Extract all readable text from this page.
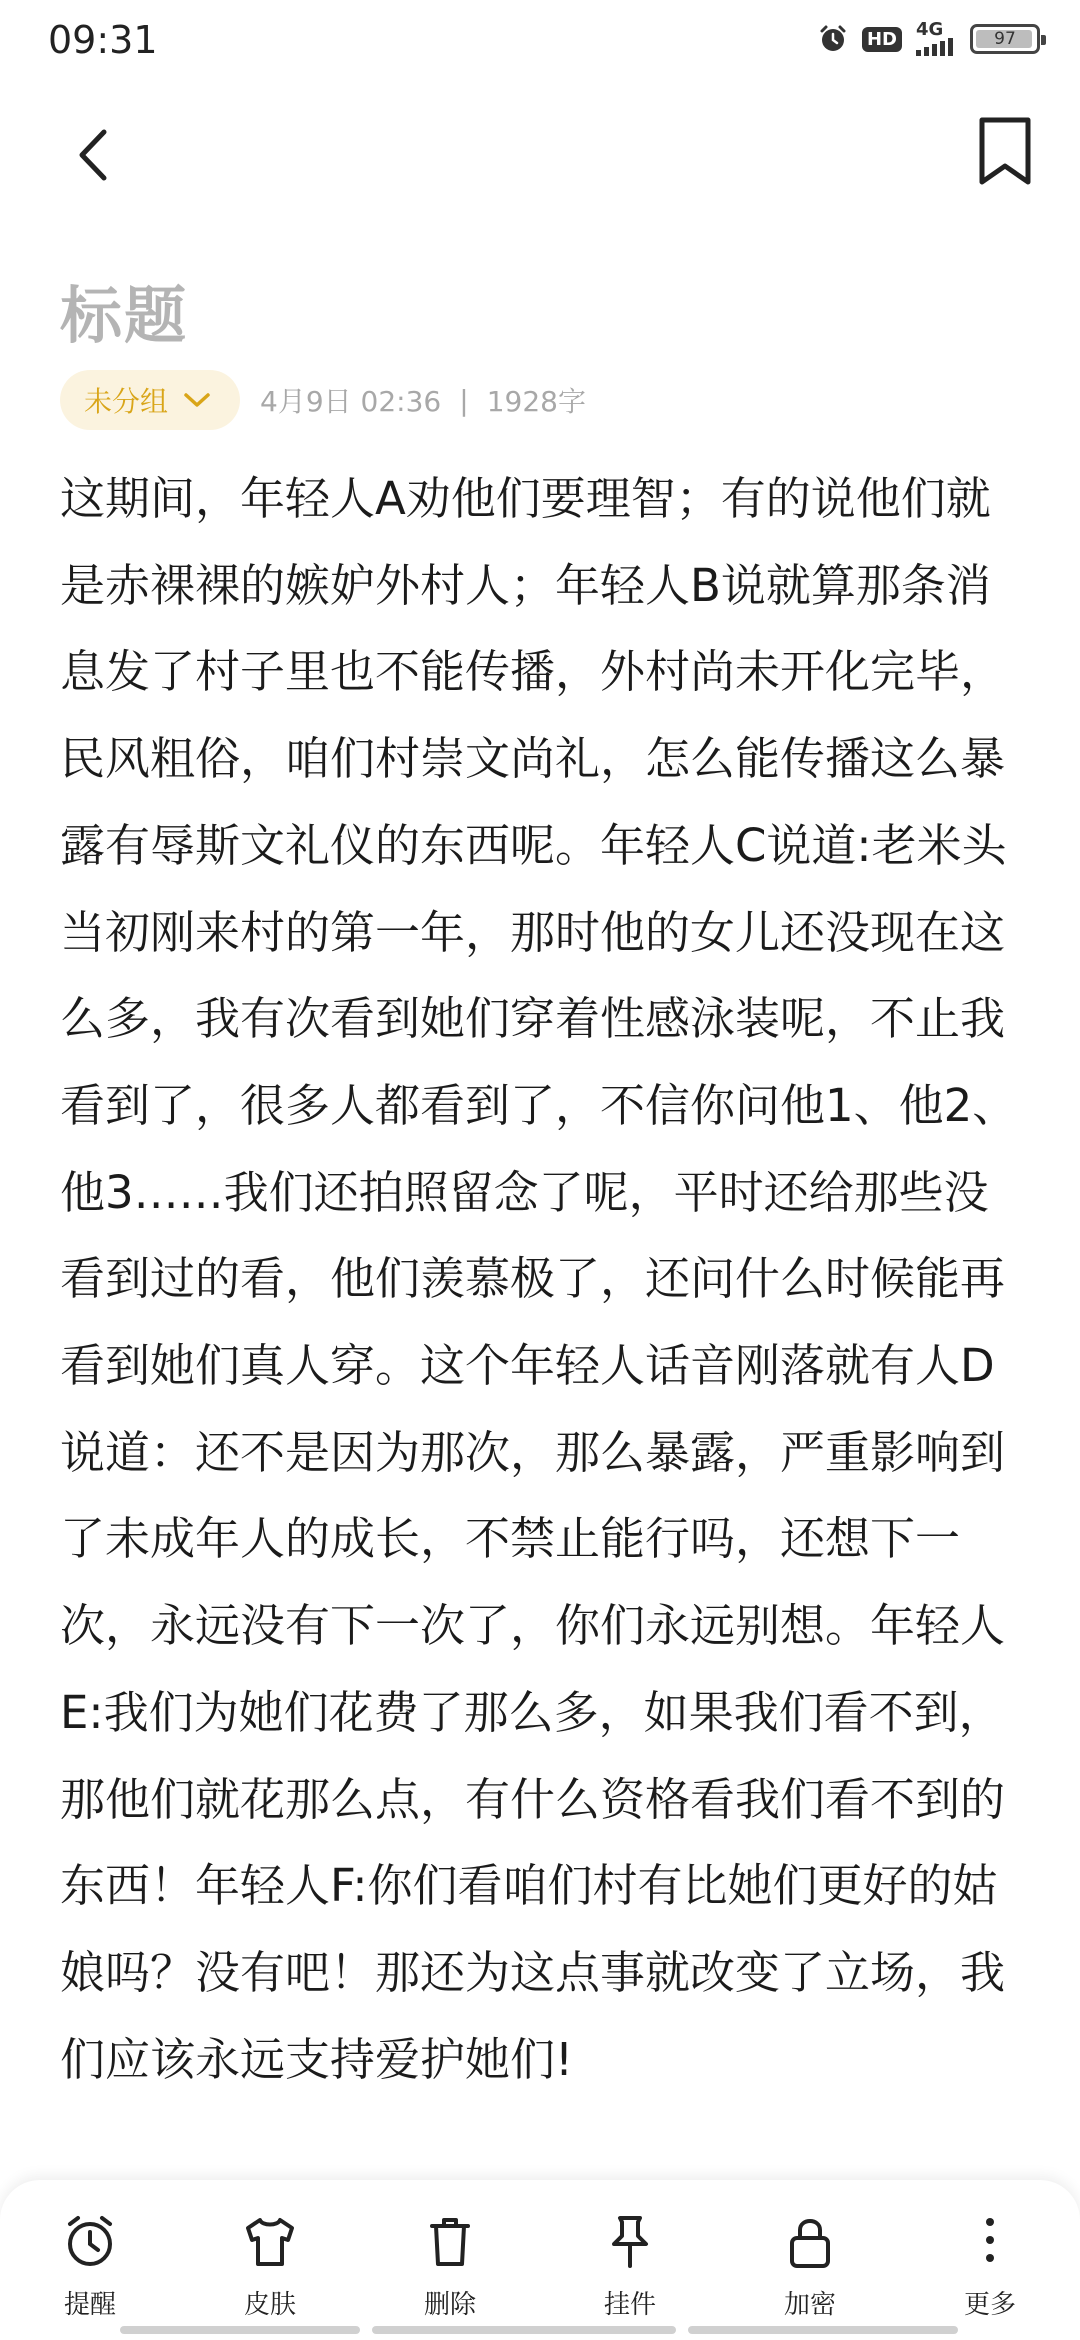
09:31	HD 4G	97
标题
未分组	4月9日 02:36 | 1928字

这期间，年轻人A劝他们要理智；有的说他们就是赤裸裸的嫉妒外村人；年轻人B说就算那条消息发了村子里也不能传播，外村尚未开化完毕，民风粗俗，咱们村崇文尚礼，怎么能传播这么暴露有辱斯文礼仪的东西呢。年轻人C说道:老米头当初刚来村的第一年，那时他的女儿还没现在这么多，我有次看到她们穿着性感泳装呢，不止我看到了，很多人都看到了，不信你问他1、他2、他3……我们还拍照留念了呢，平时还给那些没看到过的看，他们羡慕极了，还问什么时候能再看到她们真人穿。这个年轻人话音刚落就有人D说道：还不是因为那次，那么暴露，严重影响到了未成年人的成长，不禁止能行吗，还想下一次，永远没有下一次了，你们永远别想。年轻人E:我们为她们花费了那么多，如果我们看不到，那他们就花那么点，有什么资格看我们看不到的东西！年轻人F:你们看咱们村有比她们更好的姑娘吗？没有吧！那还为这点事就改变了立场，我们应该永远支持爱护她们!

提醒	皮肤	删除	挂件	加密	更多
